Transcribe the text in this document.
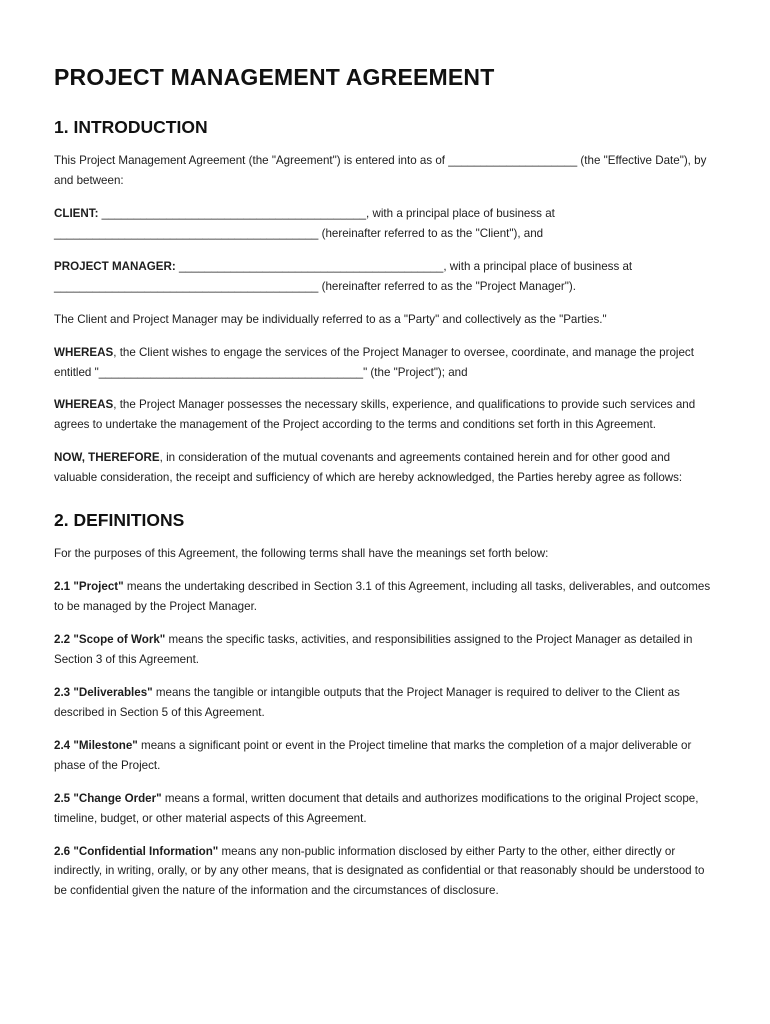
PROJECT MANAGEMENT AGREEMENT
1. INTRODUCTION

This Project Management Agreement (the "Agreement") is entered into as of ____________________ (the "Effective Date"), by and between:

CLIENT: _________________________________________, with a principal place of business at _________________________________________ (hereinafter referred to as the "Client"), and

PROJECT MANAGER: _________________________________________, with a principal place of business at _________________________________________ (hereinafter referred to as the "Project Manager").

The Client and Project Manager may be individually referred to as a "Party" and collectively as the "Parties."

WHEREAS, the Client wishes to engage the services of the Project Manager to oversee, coordinate, and manage the project entitled "_________________________________________" (the "Project"); and

WHEREAS, the Project Manager possesses the necessary skills, experience, and qualifications to provide such services and agrees to undertake the management of the Project according to the terms and conditions set forth in this Agreement.

NOW, THEREFORE, in consideration of the mutual covenants and agreements contained herein and for other good and valuable consideration, the receipt and sufficiency of which are hereby acknowledged, the Parties hereby agree as follows:

2. DEFINITIONS

For the purposes of this Agreement, the following terms shall have the meanings set forth below:

2.1 "Project" means the undertaking described in Section 3.1 of this Agreement, including all tasks, deliverables, and outcomes to be managed by the Project Manager.

2.2 "Scope of Work" means the specific tasks, activities, and responsibilities assigned to the Project Manager as detailed in Section 3 of this Agreement.

2.3 "Deliverables" means the tangible or intangible outputs that the Project Manager is required to deliver to the Client as described in Section 5 of this Agreement.

2.4 "Milestone" means a significant point or event in the Project timeline that marks the completion of a major deliverable or phase of the Project.

2.5 "Change Order" means a formal, written document that details and authorizes modifications to the original Project scope, timeline, budget, or other material aspects of this Agreement.

2.6 "Confidential Information" means any non-public information disclosed by either Party to the other, either directly or indirectly, in writing, orally, or by any other means, that is designated as confidential or that reasonably should be understood to be confidential given the nature of the information and the circumstances of disclosure.
